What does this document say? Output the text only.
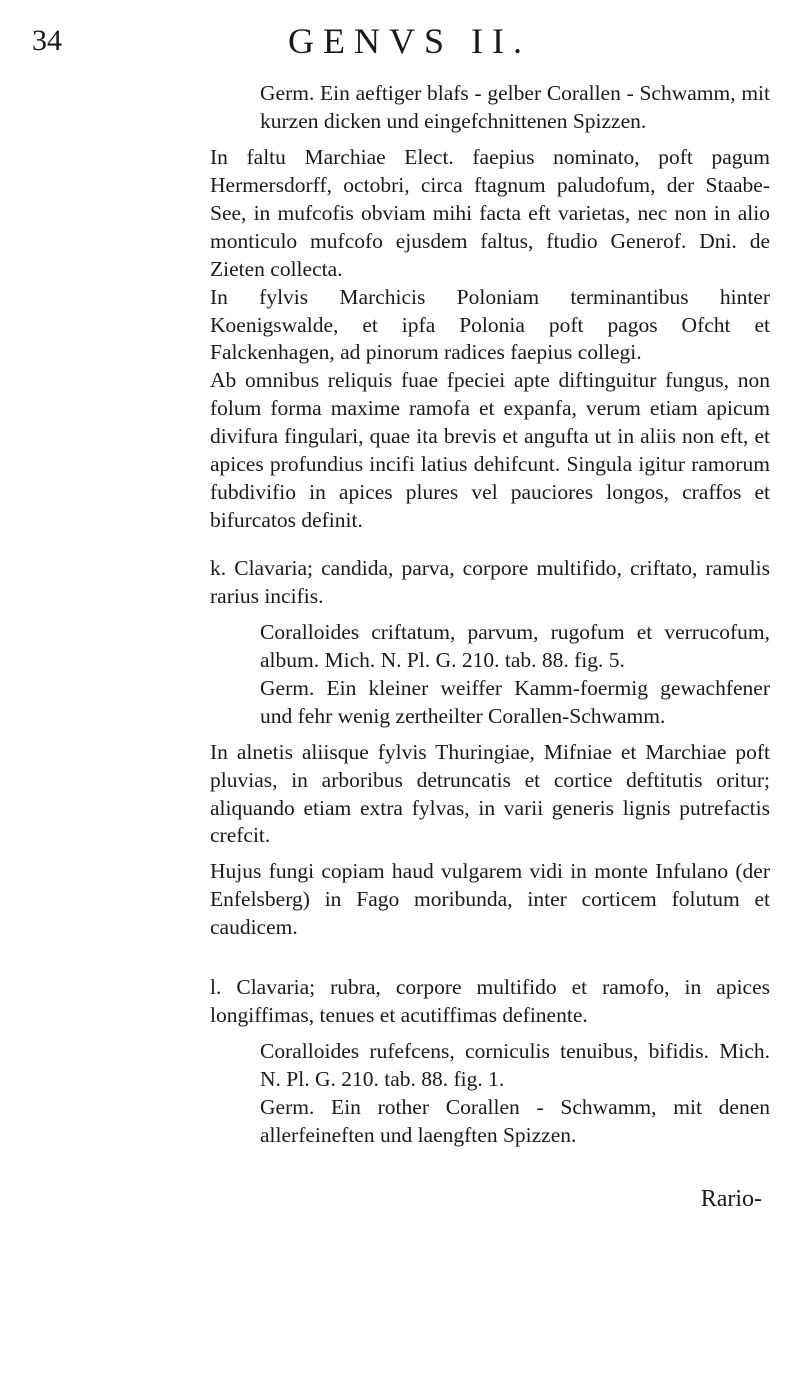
34	GENVS II.

Germ. Ein aeftiger blafs - gelber Corallen - Schwamm, mit kurzen dicken und eingefchnittenen Spizzen.

In faltu Marchiae Elect. faepius nominato, poft pagum Hermersdorff, octobri, circa ftagnum paludofum, der Staabe-See, in mufcofis obviam mihi facta eft varietas, nec non in alio monticulo mufcofo ejusdem faltus, ftudio Generof. Dni. de Zieten collecta.

In fylvis Marchicis Poloniam terminantibus hinter Koenigswalde, et ipfa Polonia poft pagos Ofcht et Falckenhagen, ad pinorum radices faepius collegi.

Ab omnibus reliquis fuae fpeciei apte diftinguitur fungus, non folum forma maxime ramofa et expanfa, verum etiam apicum divifura fingulari, quae ita brevis et angufta ut in aliis non eft, et apices profundius incifi latius dehifcunt. Singula igitur ramorum fubdivifio in apices plures vel pauciores longos, craffos et bifurcatos definit.

k. Clavaria; candida, parva, corpore multifido, criftato, ramulis rarius incifis.

Coralloides criftatum, parvum, rugofum et verrucofum, album. Mich. N. Pl. G. 210. tab. 88. fig. 5.

Germ. Ein kleiner weiffer Kamm-foermig gewachfener und fehr wenig zertheilter Corallen-Schwamm.

In alnetis aliisque fylvis Thuringiae, Mifniae et Marchiae poft pluvias, in arboribus detruncatis et cortice deftitutis oritur; aliquando etiam extra fylvas, in varii generis lignis putrefactis crefcit.

Hujus fungi copiam haud vulgarem vidi in monte Infulano (der Enfelsberg) in Fago moribunda, inter corticem folutum et caudicem.

l. Clavaria; rubra, corpore multifido et ramofo, in apices longiffimas, tenues et acutiffimas definente.

Coralloides rufefcens, corniculis tenuibus, bifidis. Mich. N. Pl. G. 210. tab. 88. fig. 1.

Germ. Ein rother Corallen - Schwamm, mit denen allerfeineften und laengften Spizzen.

Rario-
